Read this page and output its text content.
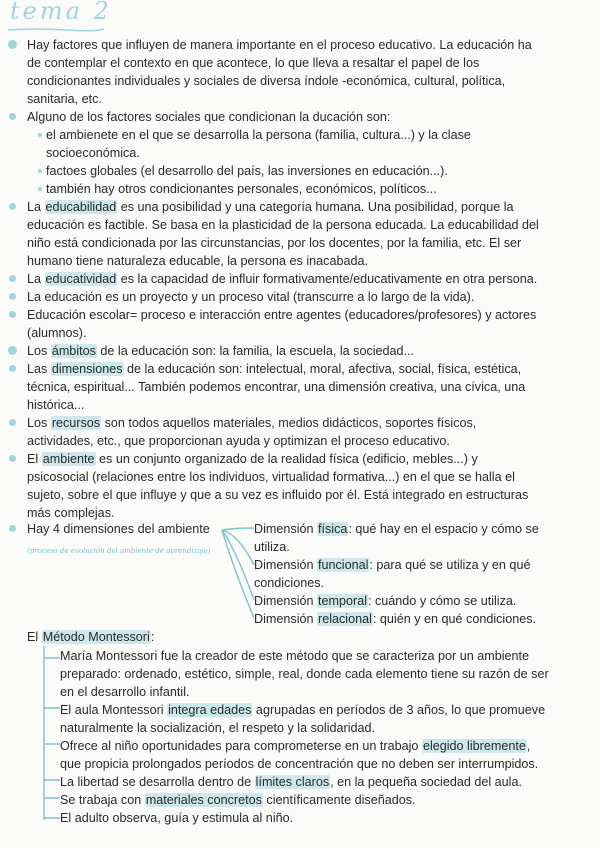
tema 2
Hay factores que influyen de manera importante en el proceso educativo. La educación ha
de contemplar el contexto en que acontece, lo que lleva a resaltar el papel de los
condicionantes individuales y sociales de diversa índole -económica, cultural, política,
sanitaria, etc.
Alguno de los factores sociales que condicionan la ducación son:
La educabilidad es una posibilidad y una categoría humana. Una posibilidad, porque la
educación es factible. Se basa en la plasticidad de la persona educada. La educabilidad del
niño está condicionada por las circunstancias, por los docentes, por la familia, etc. El ser
humano tiene naturaleza educable, la persona es inacabada.
La educatividad es la capacidad de influir formativamente/educativamente en otra persona.
La educación es un proyecto y un proceso vital (transcurre a lo largo de la vida).
Educación escolar= proceso e interacción entre agentes (educadores/profesores) y actores
(alumnos).
Los ámbitos de la educación son: la familia, la escuela, la sociedad...
Las dimensiones de la educación son: intelectual, moral, afectiva, social, física, estética,
técnica, espiritual... También podemos encontrar, una dimensión creativa, una cívica, una
histórica...
Los recursos son todos aquellos materiales, medios didácticos, soportes físicos,
actividades, etc., que proporcionan ayuda y optimizan el proceso educativo.
El ambiente es un conjunto organizado de la realidad física (edificio, mebles...) y
psicosocial (relaciones entre los individuos, virtualidad formativa...) en el que se halla el
sujeto, sobre el que influye y que a su vez es influido por él. Está integrado en estructuras
más complejas.
Hay 4 dimensiones del ambiente
el ambienete en el que se desarrolla la persona (familia, cultura...) y la clase
socioeconómica.
factoes globales (el desarrollo del país, las inversiones en educación...).
también hay otros condicionantes personales, económicos, políticos...
(proceso de evolución del ambiente de aprendizaje)
Dimensión física: qué hay en el espacio y cómo se
utiliza.
Dimensión funcional: para qué se utiliza y en qué
condiciones.
Dimensión temporal: cuándo y cómo se utiliza.
Dimensión relacional: quién y en qué condiciones.
El Método Montessori:
María Montessori fue la creador de este método que se caracteriza por un ambiente
preparado: ordenado, estético, simple, real, donde cada elemento tiene su razón de ser
en el desarrollo infantil.
El aula Montessori integra edades agrupadas en períodos de 3 años, lo que promueve
naturalmente la socialización, el respeto y la solidaridad.
Ofrece al niño oportunidades para comprometerse en un trabajo elegido libremente,
que propicia prolongados períodos de concentración que no deben ser interrumpidos.
La libertad se desarrolla dentro de límites claros, en la pequeña sociedad del aula.
Se trabaja con materiales concretos científicamente diseñados.
El adulto observa, guía y estimula al niño.
